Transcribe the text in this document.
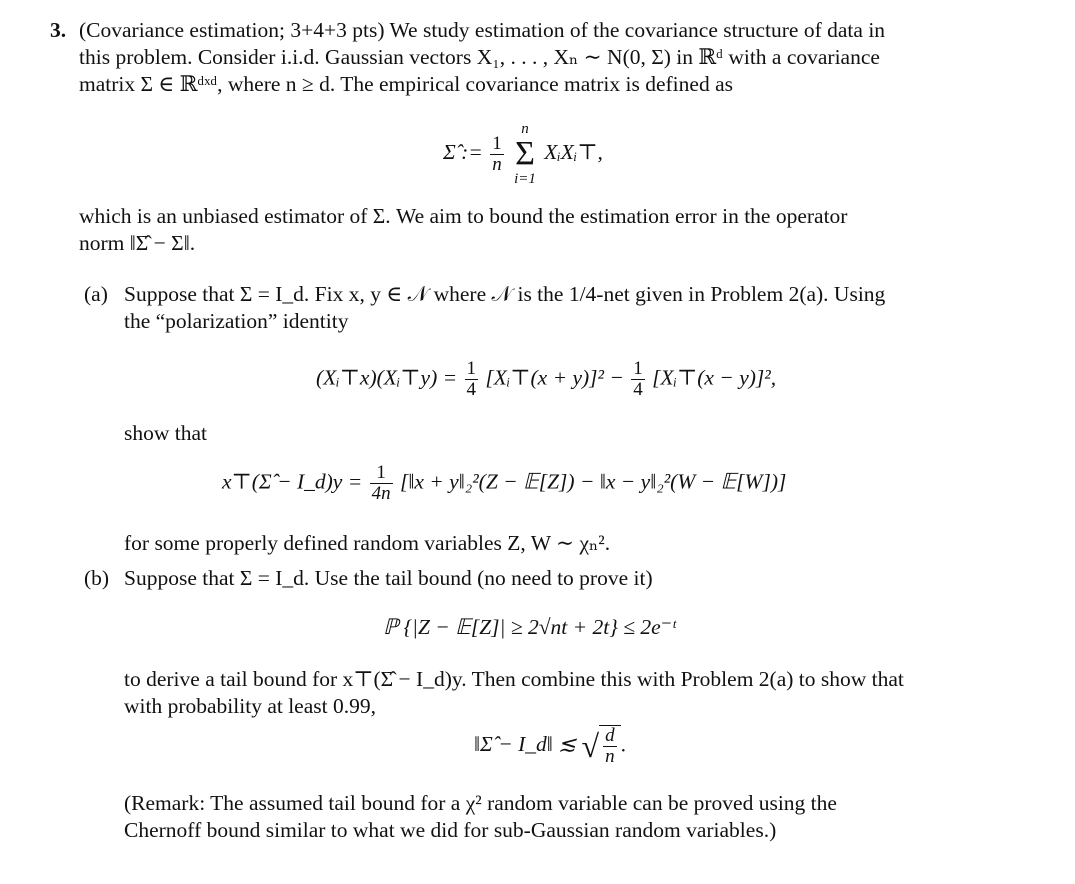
3. (Covariance estimation; 3+4+3 pts) We study estimation of the covariance structure of data in
this problem. Consider i.i.d. Gaussian vectors X₁, . . . , Xₙ ∼ N(0, Σ) in ℝᵈ with a covariance
matrix Σ ∈ ℝᵈˣᵈ, where n ≥ d. The empirical covariance matrix is defined as
Σ̂ := $\frac{1}{n}$

n
Σ
i=1
XᵢXᵢ⊤,
which is an unbiased estimator of Σ. We aim to bound the estimation error in the operator
norm ‖Σ̂ − Σ‖.
(a) Suppose that Σ = I_d. Fix x, y ∈ 𝒩 where 𝒩 is the 1/4-net given in Problem 2(a). Using
the “polarization” identity
(Xᵢ⊤x)(Xᵢ⊤y) = $\frac{1}{4}$ [Xᵢ⊤(x + $y)]^2 - \frac{1}{4}$ [Xᵢ⊤(x − y)]²,
show that
x⊤(Σ̂ − I_d)y = $\frac{1}{4n}$ [‖x + y‖₂²(Z − 𝔼[Z]) − ‖x − y‖₂²(W − 𝔼[W])]
for some properly defined random variables Z, W ∼ χₙ².
(b) Suppose that Σ = I_d. Use the tail bound (no need to prove it)
ℙ {|Z − 𝔼[Z]| ≥ 2√nt + 2t} ≤ 2e⁻ᵗ
to derive a tail bound for x⊤(Σ̂ − I_d)y. Then combine this with Problem 2(a) to show that
with probability at least 0.99,
‖Σ̂ − I_d‖ ≲ √ $\frac{d}{n}$ .
(Remark: The assumed tail bound for a χ² random variable can be proved using the
Chernoff bound similar to what we did for sub-Gaussian random variables.)
